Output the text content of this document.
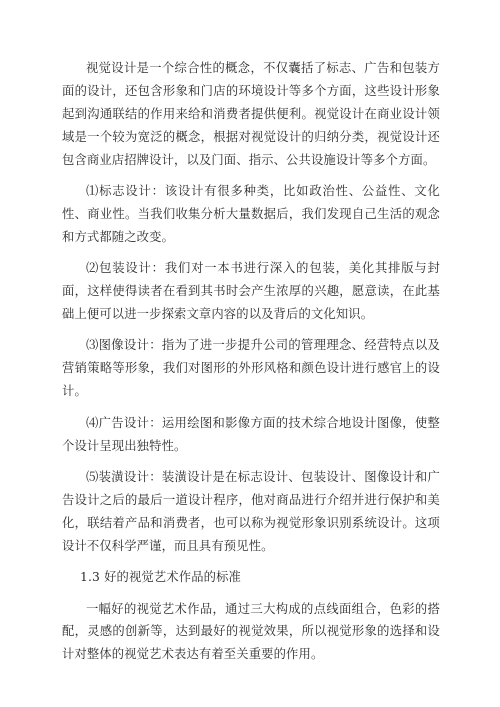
视觉设计是一个综合性的概念，不仅囊括了标志、广告和包装方面的设计，还包含形象和门店的环境设计等多个方面，这些设计形象起到沟通联结的作用来给和消费者提供便利。视觉设计在商业设计领域是一个较为宽泛的概念，根据对视觉设计的归纳分类，视觉设计还包含商业店招牌设计，以及门面、指示、公共设施设计等多个方面。

⑴标志设计：该设计有很多种类，比如政治性、公益性、文化性、商业性。当我们收集分析大量数据后，我们发现自己生活的观念和方式都随之改变。

⑵包装设计：我们对一本书进行深入的包装，美化其排版与封面，这样使得读者在看到其书时会产生浓厚的兴趣，愿意读，在此基础上便可以进一步探索文章内容的以及背后的文化知识。

⑶图像设计：指为了进一步提升公司的管理理念、经营特点以及营销策略等形象，我们对图形的外形风格和颜色设计进行感官上的设计。

⑷广告设计：运用绘图和影像方面的技术综合地设计图像，使整个设计呈现出独特性。

⑸装潢设计：装潢设计是在标志设计、包装设计、图像设计和广告设计之后的最后一道设计程序，他对商品进行介绍并进行保护和美化，联结着产品和消费者，也可以称为视觉形象识别系统设计。这项设计不仅科学严谨，而且具有预见性。

1.3 好的视觉艺术作品的标准

一幅好的视觉艺术作品，通过三大构成的点线面组合，色彩的搭配，灵感的创新等，达到最好的视觉效果，所以视觉形象的选择和设计对整体的视觉艺术表达有着至关重要的作用。
